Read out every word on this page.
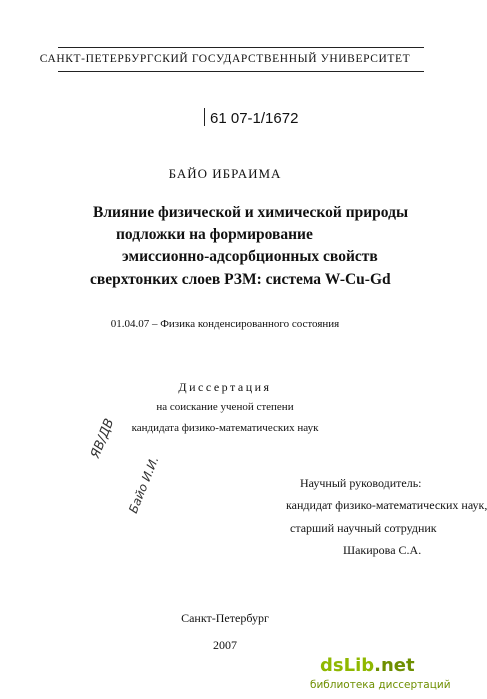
САНКТ-ПЕТЕРБУРГСКИЙ ГОСУДАРСТВЕННЫЙ УНИВЕРСИТЕТ
61 07-1/1672
БАЙО ИБРАИМА
Влияние физической и химической природы
подложки на формирование
эмиссионно-адсорбционных свойств
сверхтонких слоев РЗМ: система W-Cu-Gd
01.04.07 – Физика конденсированного состояния
Диссертация
на соискание ученой степени
кандидата физико-математических наук
Научный руководитель:
кандидат физико-математических наук,
старший научный сотрудник
Шакирова С.А.
ЯВ/ДВ
Байо И.И.
Санкт-Петербург
2007
dsLib.net
библиотека диссертаций
